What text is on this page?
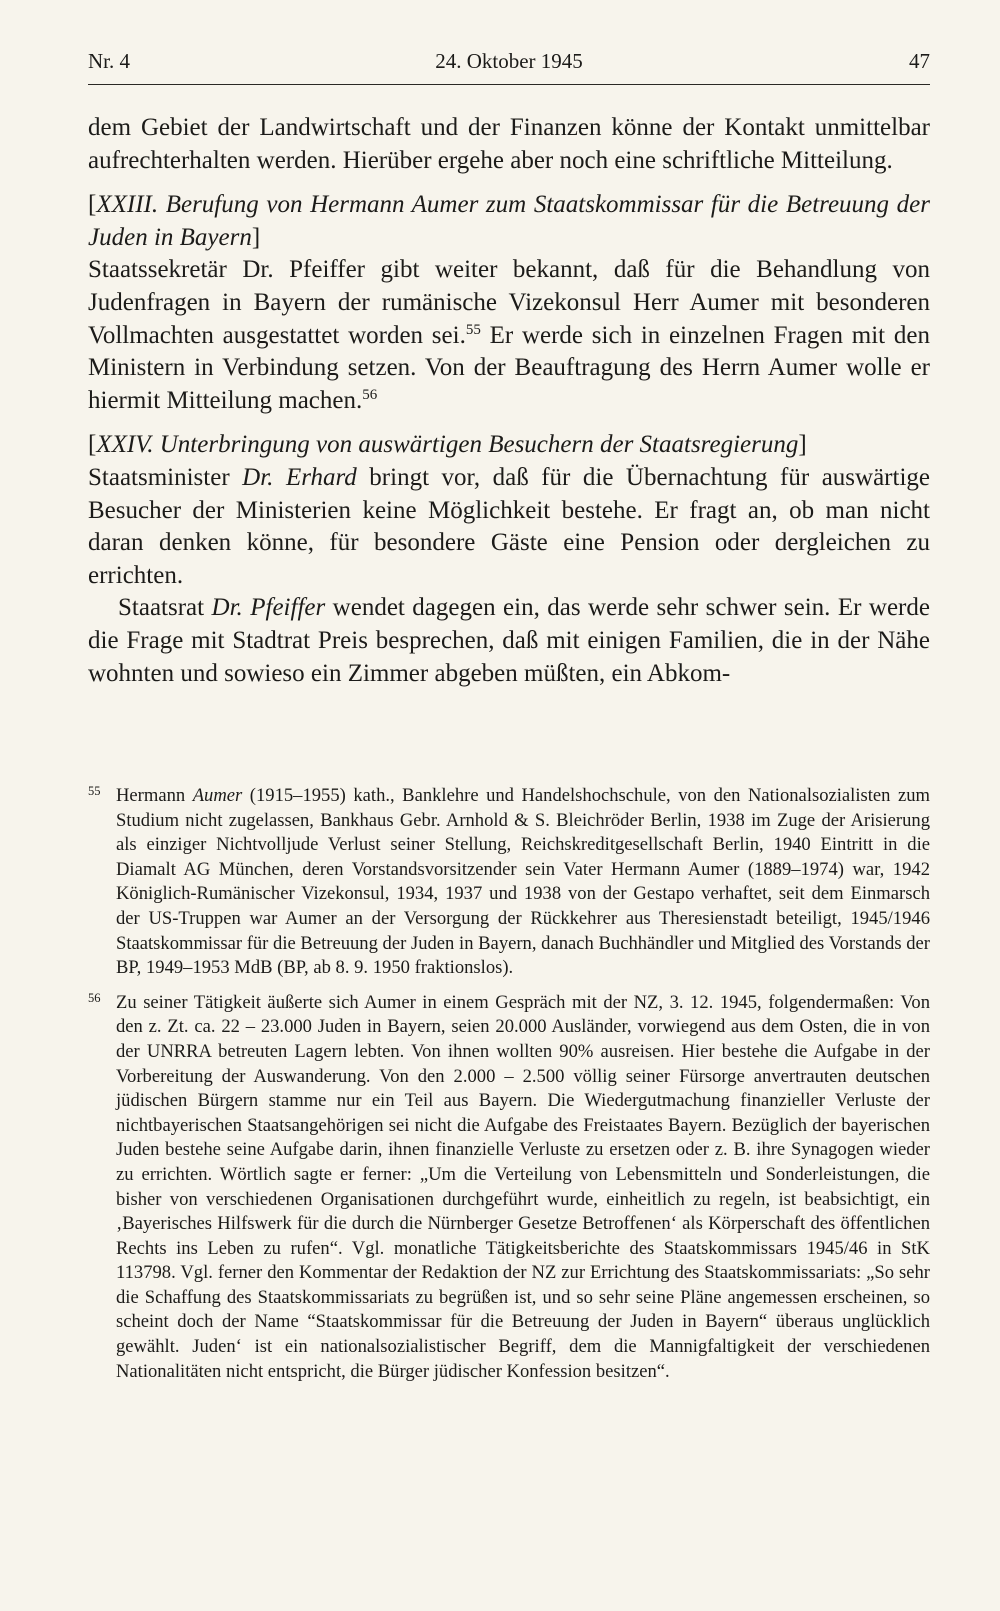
Nr. 4	24. Oktober 1945	47

dem Gebiet der Landwirtschaft und der Finanzen könne der Kontakt unmittelbar aufrechterhalten werden. Hierüber ergehe aber noch eine schriftliche Mitteilung.

[XXIII. Berufung von Hermann Aumer zum Staatskommissar für die Betreuung der Juden in Bayern]

Staatssekretär Dr. Pfeiffer gibt weiter bekannt, daß für die Behandlung von Judenfragen in Bayern der rumänische Vizekonsul Herr Aumer mit besonderen Vollmachten ausgestattet worden sei.$^{55}$ Er werde sich in einzelnen Fragen mit den Ministern in Verbindung setzen. Von der Beauftragung des Herrn Aumer wolle er hiermit Mitteilung machen.$^{56}$

[XXIV. Unterbringung von auswärtigen Besuchern der Staatsregierung]

Staatsminister Dr. Erhard bringt vor, daß für die Übernachtung für auswärtige Besucher der Ministerien keine Möglichkeit bestehe. Er fragt an, ob man nicht daran denken könne, für besondere Gäste eine Pension oder dergleichen zu errichten.

Staatsrat Dr. Pfeiffer wendet dagegen ein, das werde sehr schwer sein. Er werde die Frage mit Stadtrat Preis besprechen, daß mit einigen Familien, die in der Nähe wohnten und sowieso ein Zimmer abgeben müßten, ein Abkom-

55 Hermann Aumer (1915–1955) kath., Banklehre und Handelshochschule, von den Nationalsozialisten zum Studium nicht zugelassen, Bankhaus Gebr. Arnhold & S. Bleichröder Berlin, 1938 im Zuge der Arisierung als einziger Nichtvolljude Verlust seiner Stellung, Reichskreditgesellschaft Berlin, 1940 Eintritt in die Diamalt AG München, deren Vorstandsvorsitzender sein Vater Hermann Aumer (1889–1974) war, 1942 Königlich-Rumänischer Vizekonsul, 1934, 1937 und 1938 von der Gestapo verhaftet, seit dem Einmarsch der US-Truppen war Aumer an der Versorgung der Rückkehrer aus Theresienstadt beteiligt, 1945/1946 Staatskommissar für die Betreuung der Juden in Bayern, danach Buchhändler und Mitglied des Vorstands der BP, 1949–1953 MdB (BP, ab 8. 9. 1950 fraktionslos).

56 Zu seiner Tätigkeit äußerte sich Aumer in einem Gespräch mit der NZ, 3. 12. 1945, folgendermaßen: Von den z. Zt. ca. 22 – 23.000 Juden in Bayern, seien 20.000 Ausländer, vorwiegend aus dem Osten, die in von der UNRRA betreuten Lagern lebten. Von ihnen wollten 90% ausreisen. Hier bestehe die Aufgabe in der Vorbereitung der Auswanderung. Von den 2.000 – 2.500 völlig seiner Fürsorge anvertrauten deutschen jüdischen Bürgern stamme nur ein Teil aus Bayern. Die Wiedergutmachung finanzieller Verluste der nichtbayerischen Staatsangehörigen sei nicht die Aufgabe des Freistaates Bayern. Bezüglich der bayerischen Juden bestehe seine Aufgabe darin, ihnen finanzielle Verluste zu ersetzen oder z. B. ihre Synagogen wieder zu errichten. Wörtlich sagte er ferner: „Um die Verteilung von Lebensmitteln und Sonderleistungen, die bisher von verschiedenen Organisationen durchgeführt wurde, einheitlich zu regeln, ist beabsichtigt, ein ‚Bayerisches Hilfswerk für die durch die Nürnberger Gesetze Betroffenen‘ als Körperschaft des öffentlichen Rechts ins Leben zu rufen“. Vgl. monatliche Tätigkeitsberichte des Staatskommissars 1945/46 in StK 113798. Vgl. ferner den Kommentar der Redaktion der NZ zur Errichtung des Staatskommissariats: „So sehr die Schaffung des Staatskommissariats zu begrüßen ist, und so sehr seine Pläne angemessen erscheinen, so scheint doch der Name “Staatskommissar für die Betreuung der Juden in Bayern“ überaus unglücklich gewählt. Juden‘ ist ein nationalsozialistischer Begriff, dem die Mannigfaltigkeit der verschiedenen Nationalitäten nicht entspricht, die Bürger jüdischer Konfession besitzen“.
